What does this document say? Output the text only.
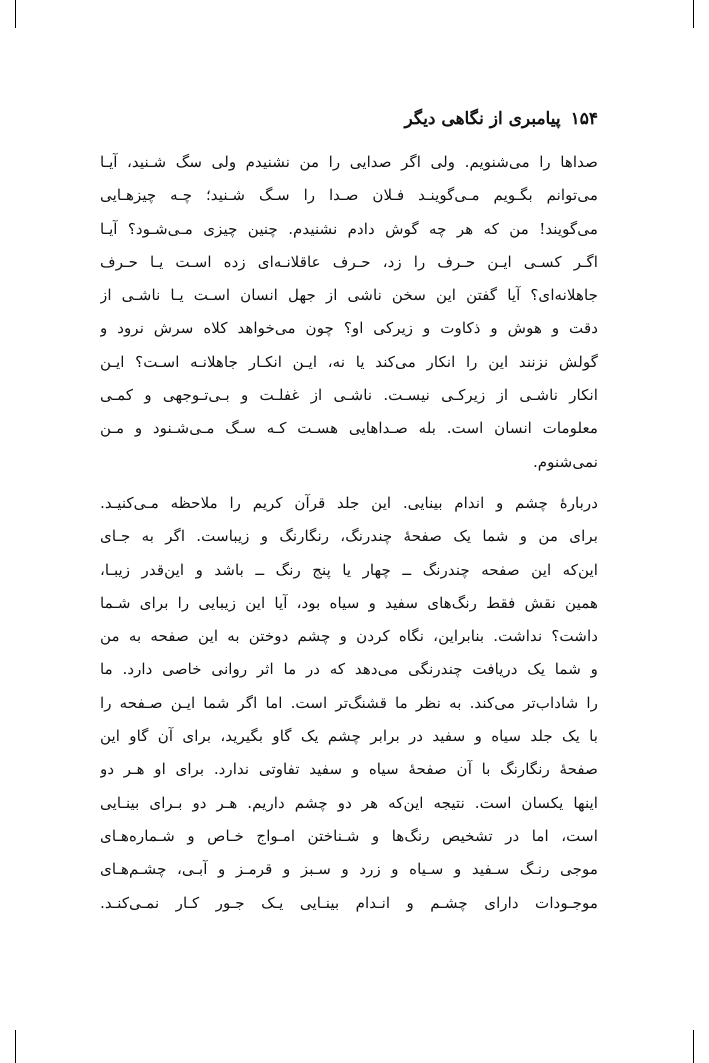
۱۵۴
پیامبری از نگاهی دیگر
صداها را می‌شنویم. ولی اگر صدایی را من نشنیدم ولی سگ شـنید، آیـا
می‌توانم بگـویم مـی‌گوینـد فـلان صـدا را سـگ شـنید؛ چـه چیزهـایی
می‌گویند! من که هر چه گوش دادم نشنیدم. چنین چیزی مـی‌شـود؟ آیـا
اگـر کسـی ایـن حـرف را زد، حـرف عاقلانـه‌ای زده اسـت یـا حـرف
جاهلانه‌ای؟ آیا گفتن این سخن ناشی از جهل انسان اسـت یـا ناشـی از
دقت و هوش و ذکاوت و زیرکی او؟ چون می‌خواهد کلاه سرش نرود و
گولش نزنند این را انکار می‌کند یا نه، ایـن انکـار جاهلانـه اسـت؟ ایـن
انکار ناشـی از زیرکـی نیسـت. ناشـی از غفلـت و بـی‌تـوجهی و کمـی
معلومات انسان است. بله صـداهایی هسـت کـه سـگ مـی‌شـنود و مـن
نمی‌شنوم.
دربارهٔ چشم و اندام بینایی. این جلد قرآن کریم را ملاحظه مـی‌کنیـد.
برای من و شما یک صفحهٔ چندرنگ، رنگارنگ و زیباست. اگر به جـای
این‌که این صفحه چندرنگ ــ چهار یا پنج رنگ ــ باشد و این‌قدر زیبـا،
همین نقش فقط رنگ‌های سفید و سیاه بود، آیا این زیبایی را برای شـما
داشت؟ نداشت. بنابراین، نگاه کردن و چشم دوختن به این صفحه به من
و شما یک دریافت چندرنگی می‌دهد که در ما اثر روانی خاصی دارد. ما
را شاداب‌تر می‌کند. به نظر ما قشنگ‌تر است. اما اگر شما ایـن صـفحه را
با یک جلد سیاه و سفید در برابر چشم یک گاو بگیرید، برای آن گاو این
صفحهٔ رنگارنگ با آن صفحهٔ سیاه و سفید تفاوتی ندارد. برای او هـر دو
اینها یکسان است. نتیجه این‌که هر دو چشم داریم. هـر دو بـرای بینـایی
است، اما در تشخیص رنگ‌ها و شـناختن امـواج خـاص و شـماره‌هـای
موجی رنـگ سـفید و سـیاه و زرد و سـبز و قرمـز و آبـی، چشـم‌هـای
موجـودات دارای چشـم و انـدام بینـایی یـک جـور کـار نمـی‌کنـد.
